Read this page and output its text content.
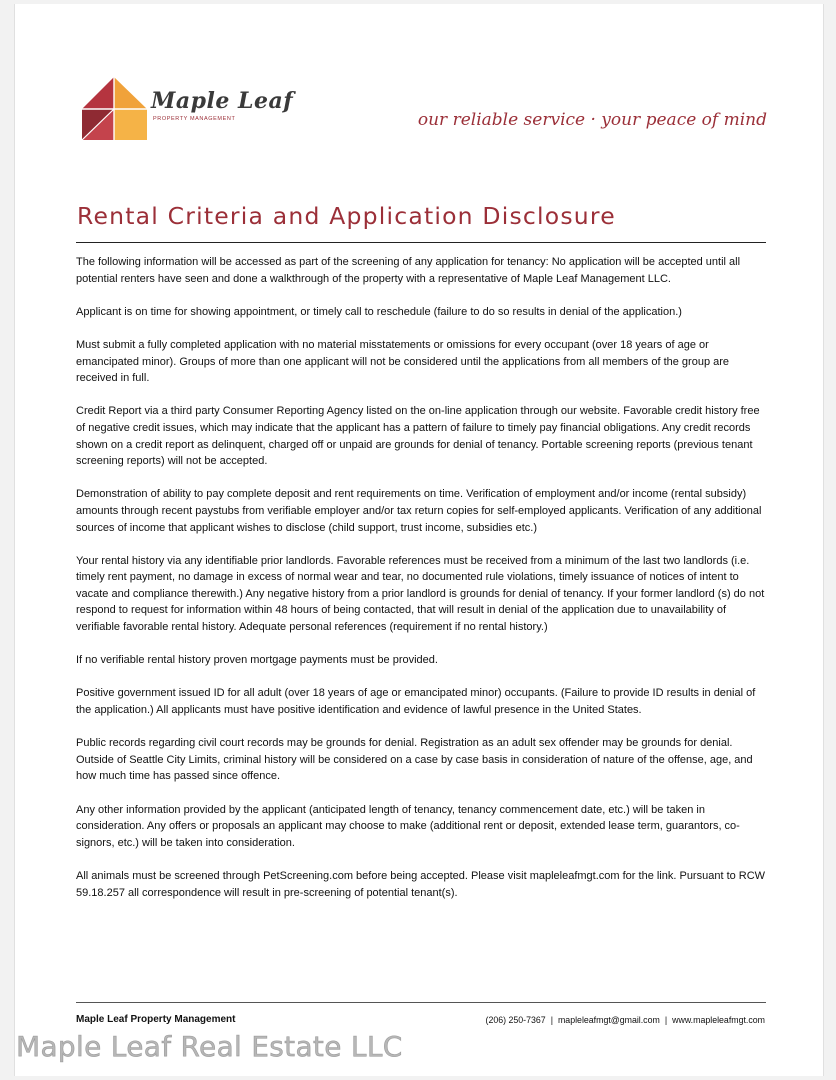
Maple Leaf
PROPERTY MANAGEMENT	our reliable service · your peace of mind
Rental Criteria and Application Disclosure

The following information will be accessed as part of the screening of any application for tenancy: No application will be accepted until all potential renters have seen and done a walkthrough of the property with a representative of Maple Leaf Management LLC.

Applicant is on time for showing appointment, or timely call to reschedule (failure to do so results in denial of the application.)

Must submit a fully completed application with no material misstatements or omissions for every occupant (over 18 years of age or emancipated minor). Groups of more than one applicant will not be considered until the applications from all members of the group are received in full.

Credit Report via a third party Consumer Reporting Agency listed on the on-line application through our website. Favorable credit history free of negative credit issues, which may indicate that the applicant has a pattern of failure to timely pay financial obligations. Any credit records shown on a credit report as delinquent, charged off or unpaid are grounds for denial of tenancy. Portable screening reports (previous tenant screening reports) will not be accepted.

Demonstration of ability to pay complete deposit and rent requirements on time. Verification of employment and/or income (rental subsidy) amounts through recent paystubs from verifiable employer and/or tax return copies for self-employed applicants. Verification of any additional sources of income that applicant wishes to disclose (child support, trust income, subsidies etc.)

Your rental history via any identifiable prior landlords. Favorable references must be received from a minimum of the last two landlords (i.e. timely rent payment, no damage in excess of normal wear and tear, no documented rule violations, timely issuance of notices of intent to vacate and compliance therewith.) Any negative history from a prior landlord is grounds for denial of tenancy. If your former landlord (s) do not respond to request for information within 48 hours of being contacted, that will result in denial of the application due to unavailability of verifiable favorable rental history. Adequate personal references (requirement if no rental history.)

If no verifiable rental history proven mortgage payments must be provided.

Positive government issued ID for all adult (over 18 years of age or emancipated minor) occupants. (Failure to provide ID results in denial of the application.) All applicants must have positive identification and evidence of lawful presence in the United States.

Public records regarding civil court records may be grounds for denial. Registration as an adult sex offender may be grounds for denial. Outside of Seattle City Limits, criminal history will be considered on a case by case basis in consideration of nature of the offense, age, and how much time has passed since offence.

Any other information provided by the applicant (anticipated length of tenancy, tenancy commencement date, etc.) will be taken in consideration. Any offers or proposals an applicant may choose to make (additional rent or deposit, extended lease term, guarantors, co-signors, etc.) will be taken into consideration.

All animals must be screened through PetScreening.com before being accepted. Please visit mapleleafmgt.com for the link. Pursuant to RCW 59.18.257 all correspondence will result in pre-screening of potential tenant(s).

Maple Leaf Property Management	(206) 250-7367 | mapleleafmgt@gmail.com | www.mapleleafmgt.com
Maple Leaf Real Estate LLC
